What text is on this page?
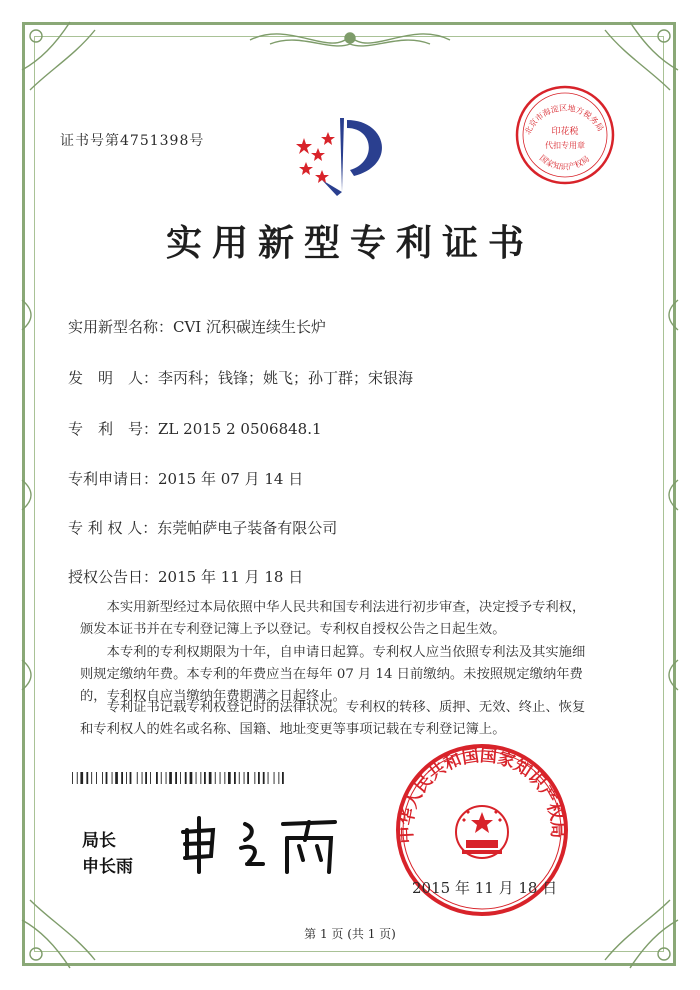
证书号第4751398号
北京市海淀区地方税务局
印花税
代扣专用章
国家知识产权局
实用新型专利证书
实用新型名称：CVI 沉积碳连续生长炉
发　明　人：李丙科；钱锋；姚飞；孙丁群；宋银海
专　利　号：ZL 2015 2 0506848.1
专利申请日：2015 年 07 月 14 日
专 利 权 人：东莞帕萨电子装备有限公司
授权公告日：2015 年 11 月 18 日
　　本实用新型经过本局依照中华人民共和国专利法进行初步审查，决定授予专利权，颁发本证书并在专利登记簿上予以登记。专利权自授权公告之日起生效。
　　本专利的专利权期限为十年，自申请日起算。专利权人应当依照专利法及其实施细则规定缴纳年费。本专利的年费应当在每年 07 月 14 日前缴纳。未按照规定缴纳年费的，专利权自应当缴纳年费期满之日起终止。
　　专利证书记载专利权登记时的法律状况。专利权的转移、质押、无效、终止、恢复和专利权人的姓名或名称、国籍、地址变更等事项记载在专利登记簿上。
局长
申长雨
中华人民共和国国家知识产权局
2015 年 11 月 18 日
第 1 页 (共 1 页)
